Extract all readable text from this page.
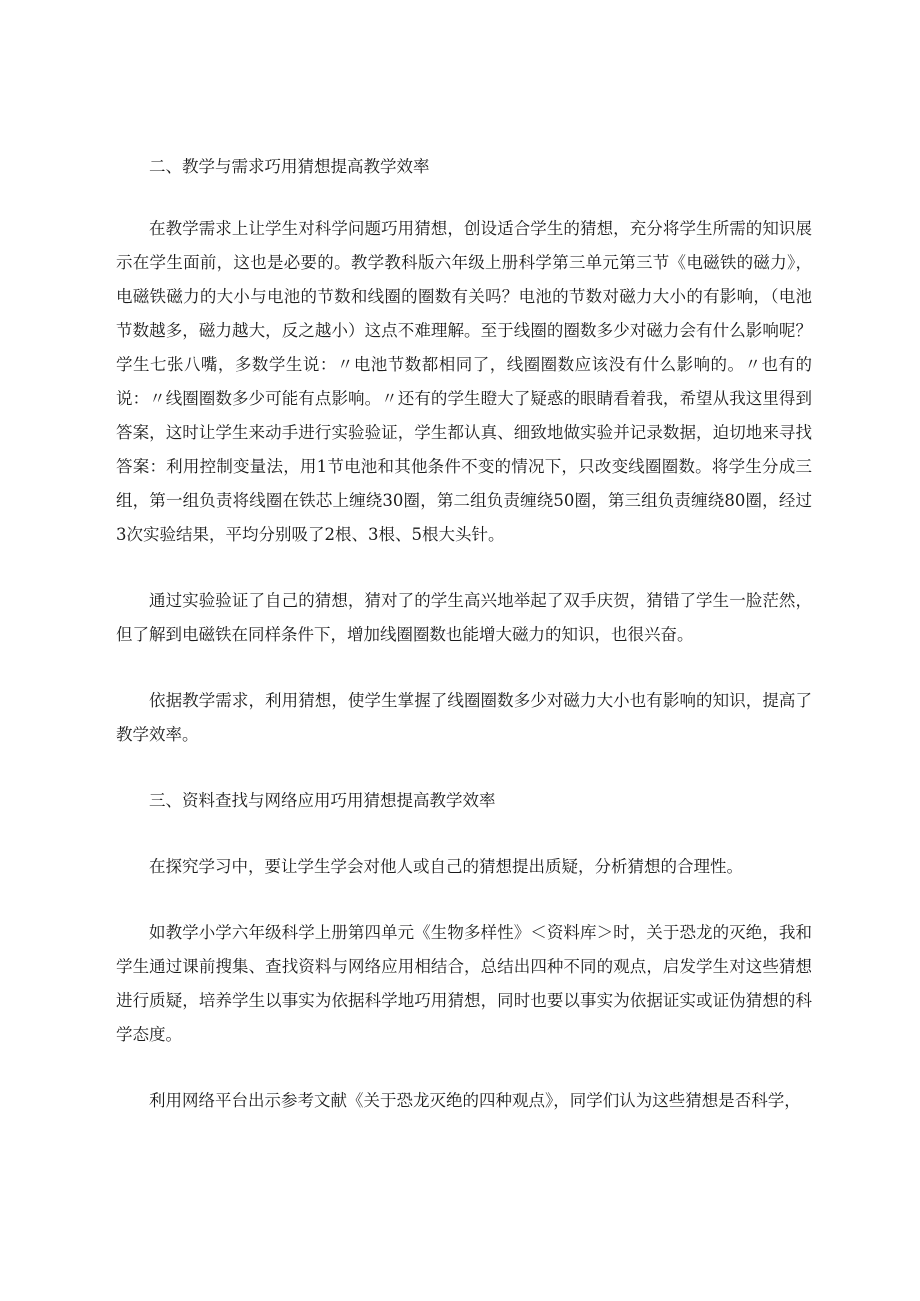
二、教学与需求巧用猜想提高教学效率

在教学需求上让学生对科学问题巧用猜想，创设适合学生的猜想，充分将学生所需的知识展示在学生面前，这也是必要的。教学教科版六年级上册科学第三单元第三节《电磁铁的磁力》，电磁铁磁力的大小与电池的节数和线圈的圈数有关吗？电池的节数对磁力大小的有影响，（电池节数越多，磁力越大，反之越小）这点不难理解。至于线圈的圈数多少对磁力会有什么影响呢？学生七张八嘴，多数学生说：〃电池节数都相同了，线圈圈数应该没有什么影响的。〃也有的说：〃线圈圈数多少可能有点影响。〃还有的学生瞪大了疑惑的眼睛看着我，希望从我这里得到答案，这时让学生来动手进行实验验证，学生都认真、细致地做实验并记录数据，迫切地来寻找答案：利用控制变量法，用1节电池和其他条件不变的情况下，只改变线圈圈数。将学生分成三组，第一组负责将线圈在铁芯上缠绕30圈，第二组负责缠绕50圈，第三组负责缠绕80圈，经过3次实验结果，平均分别吸了2根、3根、5根大头针。

通过实验验证了自己的猜想，猜对了的学生高兴地举起了双手庆贺，猜错了学生一脸茫然，但了解到电磁铁在同样条件下，增加线圈圈数也能增大磁力的知识，也很兴奋。

依据教学需求，利用猜想，使学生掌握了线圈圈数多少对磁力大小也有影响的知识，提高了教学效率。

三、资料查找与网络应用巧用猜想提高教学效率

在探究学习中，要让学生学会对他人或自己的猜想提出质疑，分析猜想的合理性。

如教学小学六年级科学上册第四单元《生物多样性》＜资料库＞时，关于恐龙的灭绝，我和学生通过课前搜集、查找资料与网络应用相结合，总结出四种不同的观点，启发学生对这些猜想进行质疑，培养学生以事实为依据科学地巧用猜想，同时也要以事实为依据证实或证伪猜想的科学态度。

利用网络平台出示参考文献《关于恐龙灭绝的四种观点》，同学们认为这些猜想是否科学，
